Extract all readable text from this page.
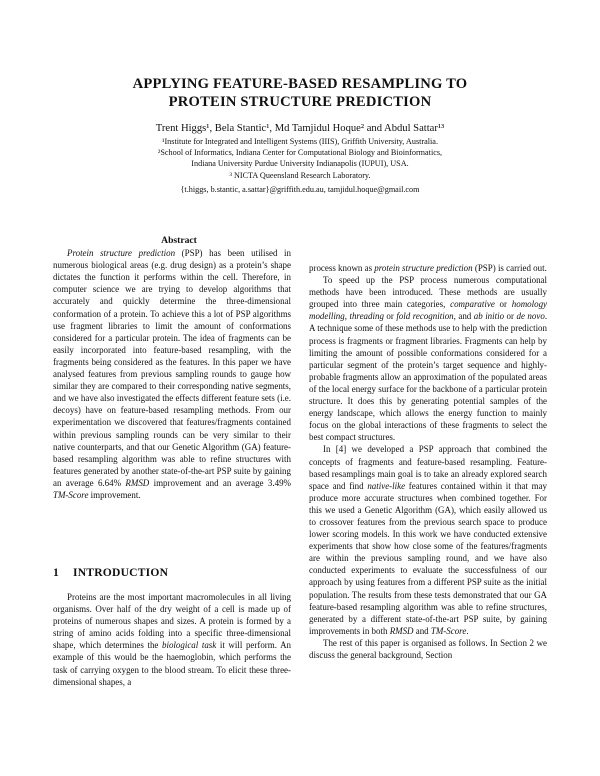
APPLYING FEATURE-BASED RESAMPLING TO
PROTEIN STRUCTURE PREDICTION
Trent Higgs¹, Bela Stantic¹, Md Tamjidul Hoque² and Abdul Sattar¹³
¹Institute for Integrated and Intelligent Systems (IIIS), Griffith University, Australia.
²School of Informatics, Indiana Center for Computational Biology and Bioinformatics,
Indiana University Purdue University Indianapolis (IUPUI), USA.
³ NICTA Queensland Research Laboratory.
{t.higgs, b.stantic, a.sattar}@griffith.edu.au, tamjidul.hoque@gmail.com

Abstract

Protein structure prediction (PSP) has been utilised in numerous biological areas (e.g. drug design) as a protein’s shape dictates the function it performs within the cell. Therefore, in computer science we are trying to develop algorithms that accurately and quickly determine the three-dimensional conformation of a protein. To achieve this a lot of PSP algorithms use fragment libraries to limit the amount of conformations considered for a particular protein. The idea of fragments can be easily incorporated into feature-based resampling, with the fragments being considered as the features. In this paper we have analysed features from previous sampling rounds to gauge how similar they are compared to their corresponding native segments, and we have also investigated the effects different feature sets (i.e. decoys) have on feature-based resampling methods. From our experimentation we discovered that features/fragments contained within previous sampling rounds can be very similar to their native counterparts, and that our Genetic Algorithm (GA) feature-based resampling algorithm was able to refine structures with features generated by another state-of-the-art PSP suite by gaining an average 6.64% RMSD improvement and an average 3.49% TM-Score improvement.

1 INTRODUCTION

Proteins are the most important macromolecules in all living organisms. Over half of the dry weight of a cell is made up of proteins of numerous shapes and sizes. A protein is formed by a string of amino acids folding into a specific three-dimensional shape, which determines the biological task it will perform. An example of this would be the haemoglobin, which performs the task of carrying oxygen to the blood stream. To elicit these three-dimensional shapes, a

process known as protein structure prediction (PSP) is carried out.

To speed up the PSP process numerous computational methods have been introduced. These methods are usually grouped into three main categories, comparative or homology modelling, threading or fold recognition, and ab initio or de novo. A technique some of these methods use to help with the prediction process is fragments or fragment libraries. Fragments can help by limiting the amount of possible conformations considered for a particular segment of the protein’s target sequence and highly-probable fragments allow an approximation of the populated areas of the local energy surface for the backbone of a particular protein structure. It does this by generating potential samples of the energy landscape, which allows the energy function to mainly focus on the global interactions of these fragments to select the best compact structures.

In [4] we developed a PSP approach that combined the concepts of fragments and feature-based resampling. Feature-based resamplings main goal is to take an already explored search space and find native-like features contained within it that may produce more accurate structures when combined together. For this we used a Genetic Algorithm (GA), which easily allowed us to crossover features from the previous search space to produce lower scoring models. In this work we have conducted extensive experiments that show how close some of the features/fragments are within the previous sampling round, and we have also conducted experiments to evaluate the successfulness of our approach by using features from a different PSP suite as the initial population. The results from these tests demonstrated that our GA feature-based resampling algorithm was able to refine structures, generated by a different state-of-the-art PSP suite, by gaining improvements in both RMSD and TM-Score.

The rest of this paper is organised as follows. In Section 2 we discuss the general background, Section
